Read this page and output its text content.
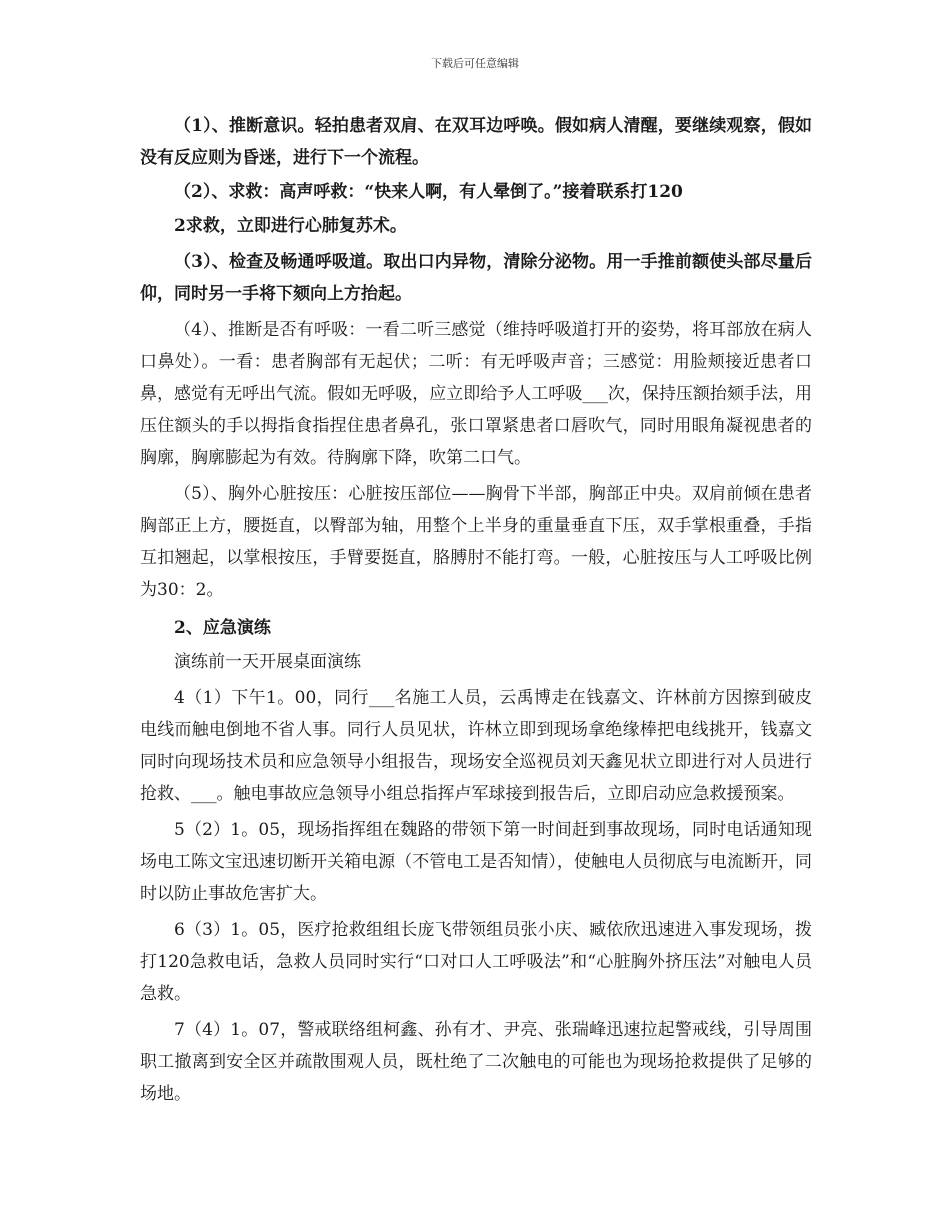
下载后可任意编辑

（1）、推断意识。轻拍患者双肩、在双耳边呼唤。假如病人清醒，要继续观察，假如没有反应则为昏迷，进行下一个流程。

（2）、求救：高声呼救：“快来人啊，有人晕倒了。”接着联系打120

2求救，立即进行心肺复苏术。

（3）、检查及畅通呼吸道。取出口内异物，清除分泌物。用一手推前额使头部尽量后仰，同时另一手将下颏向上方抬起。

（4）、推断是否有呼吸：一看二听三感觉（维持呼吸道打开的姿势，将耳部放在病人口鼻处）。一看：患者胸部有无起伏；二听：有无呼吸声音；三感觉：用脸颊接近患者口鼻，感觉有无呼出气流。假如无呼吸，应立即给予人工呼吸___次，保持压额抬颏手法，用压住额头的手以拇指食指捏住患者鼻孔，张口罩紧患者口唇吹气，同时用眼角凝视患者的胸廓，胸廓膨起为有效。待胸廓下降，吹第二口气。

（5）、胸外心脏按压：心脏按压部位——胸骨下半部，胸部正中央。双肩前倾在患者胸部正上方，腰挺直，以臀部为轴，用整个上半身的重量垂直下压，双手掌根重叠，手指互扣翘起，以掌根按压，手臂要挺直，胳膊肘不能打弯。一般，心脏按压与人工呼吸比例为30：2。

2、应急演练

演练前一天开展桌面演练

4（1）下午1。00，同行___名施工人员，云禹博走在钱嘉文、许林前方因擦到破皮电线而触电倒地不省人事。同行人员见状，许林立即到现场拿绝缘棒把电线挑开，钱嘉文同时向现场技术员和应急领导小组报告，现场安全巡视员刘天鑫见状立即进行对人员进行抢救、___。触电事故应急领导小组总指挥卢军球接到报告后，立即启动应急救援预案。

5（2）1。05，现场指挥组在魏路的带领下第一时间赶到事故现场，同时电话通知现场电工陈文宝迅速切断开关箱电源（不管电工是否知情），使触电人员彻底与电流断开，同时以防止事故危害扩大。

6（3）1。05，医疗抢救组组长庞飞带领组员张小庆、臧依欣迅速进入事发现场，拨打120急救电话，急救人员同时实行“口对口人工呼吸法”和“心脏胸外挤压法”对触电人员急救。

7（4）1。07，警戒联络组柯鑫、孙有才、尹亮、张瑞峰迅速拉起警戒线，引导周围职工撤离到安全区并疏散围观人员，既杜绝了二次触电的可能也为现场抢救提供了足够的场地。
